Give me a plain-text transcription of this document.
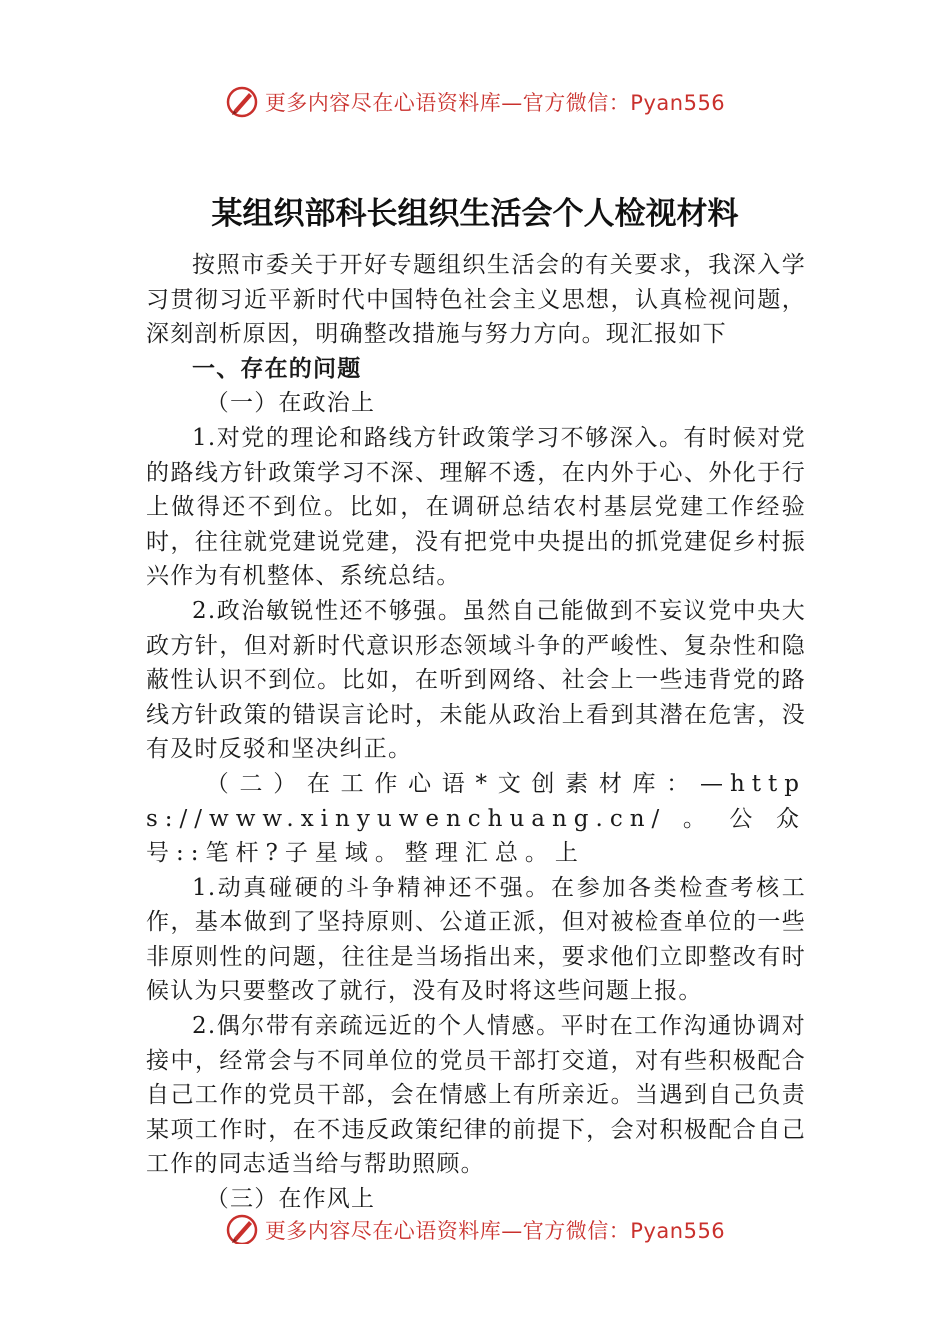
更多内容尽在心语资料库—官方微信：Pyan556
某组织部科长组织生活会个人检视材料

按照市委关于开好专题组织生活会的有关要求，我深入学习贯彻习近平新时代中国特色社会主义思想，认真检视问题，深刻剖析原因，明确整改措施与努力方向。现汇报如下

一、存在的问题

（一）在政治上

1.对党的理论和路线方针政策学习不够深入。有时候对党的路线方针政策学习不深、理解不透，在内外于心、外化于行上做得还不到位。比如，在调研总结农村基层党建工作经验时，往往就党建说党建，没有把党中央提出的抓党建促乡村振兴作为有机整体、系统总结。

2.政治敏锐性还不够强。虽然自己能做到不妄议党中央大政方针，但对新时代意识形态领域斗争的严峻性、复杂性和隐蔽性认识不到位。比如，在听到网络、社会上一些违背党的路线方针政策的错误言论时，未能从政治上看到其潜在危害，没有及时反驳和坚决纠正。

（二）在工作心语*文创素材库：—https://www.xinyuwenchuang.cn/。公众号::笔杆?子星域。整理汇总。上

1.动真碰硬的斗争精神还不强。在参加各类检查考核工作，基本做到了坚持原则、公道正派，但对被检查单位的一些非原则性的问题，往往是当场指出来，要求他们立即整改有时候认为只要整改了就行，没有及时将这些问题上报。

2.偶尔带有亲疏远近的个人情感。平时在工作沟通协调对接中，经常会与不同单位的党员干部打交道，对有些积极配合自己工作的党员干部，会在情感上有所亲近。当遇到自己负责某项工作时，在不违反政策纪律的前提下，会对积极配合自己工作的同志适当给与帮助照顾。

（三）在作风上

更多内容尽在心语资料库—官方微信：Pyan556
